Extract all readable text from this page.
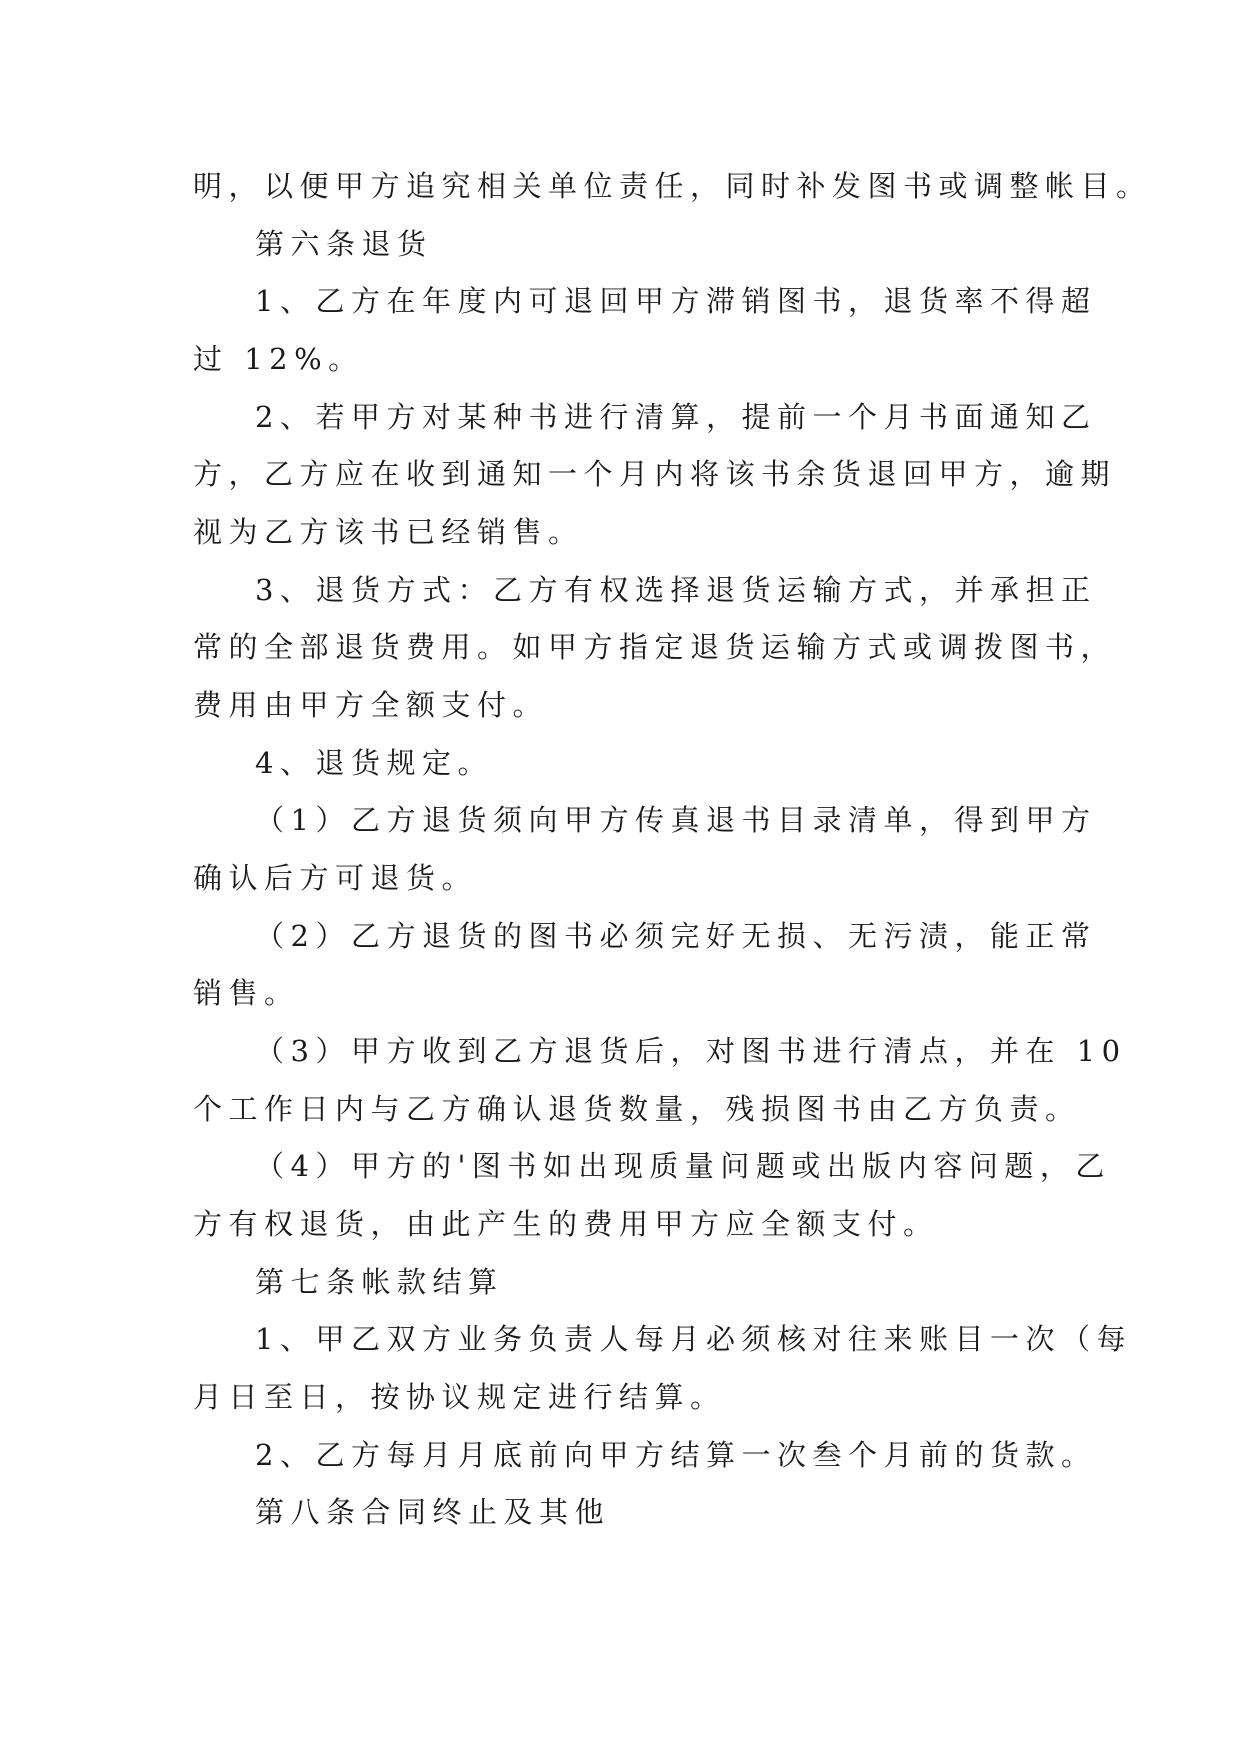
明，以便甲方追究相关单位责任，同时补发图书或调整帐目。
第六条退货
1、乙方在年度内可退回甲方滞销图书，退货率不得超
过 12%。
2、若甲方对某种书进行清算，提前一个月书面通知乙
方，乙方应在收到通知一个月内将该书余货退回甲方，逾期
视为乙方该书已经销售。
3、退货方式：乙方有权选择退货运输方式，并承担正
常的全部退货费用。如甲方指定退货运输方式或调拨图书，
费用由甲方全额支付。
4、退货规定。
（1）乙方退货须向甲方传真退书目录清单，得到甲方
确认后方可退货。
（2）乙方退货的图书必须完好无损、无污渍，能正常
销售。
（3）甲方收到乙方退货后，对图书进行清点，并在 10
个工作日内与乙方确认退货数量，残损图书由乙方负责。
（4）甲方的'图书如出现质量问题或出版内容问题，乙
方有权退货，由此产生的费用甲方应全额支付。
第七条帐款结算
1、甲乙双方业务负责人每月必须核对往来账目一次（每
月日至日，按协议规定进行结算。
2、乙方每月月底前向甲方结算一次叁个月前的货款。
第八条合同终止及其他
